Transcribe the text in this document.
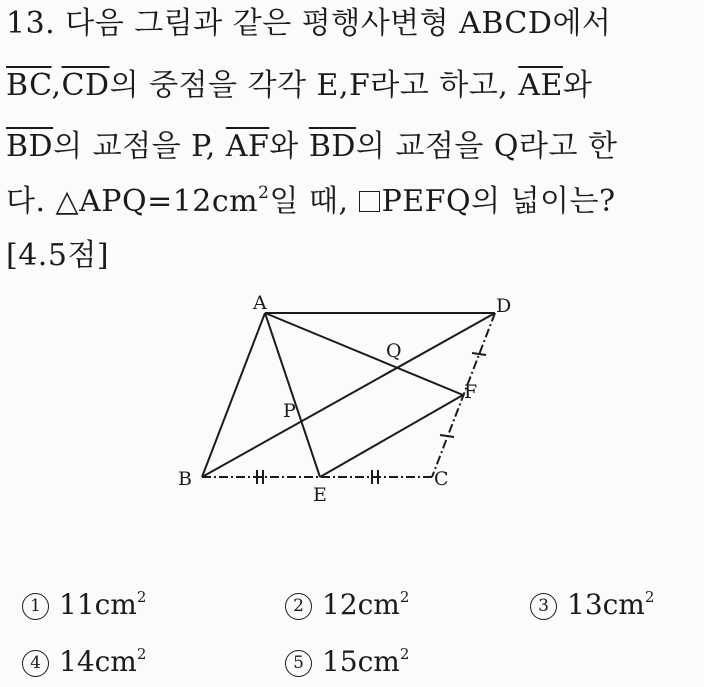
13. 다음 그림과 같은 평행사변형 ABCD에서
$\overline{BC},\overline{CD}$의 중점을 각각 E,F라고 하고, $\overline{AE}$와
$\overline{BD}$의 교점을 P, $\overline{AF}$와 $\overline{BD}$의 교점을 Q라고 한
다. $\triangle APQ=12cm^2$일 때, PEFQ의 넓이는?
[4.5점]
A	D
B	C
E
F
P
Q
1 $11cm^2$	2 $12cm^2$	3 $13cm^2$
4 $14cm^2$	5 $15cm^2$
